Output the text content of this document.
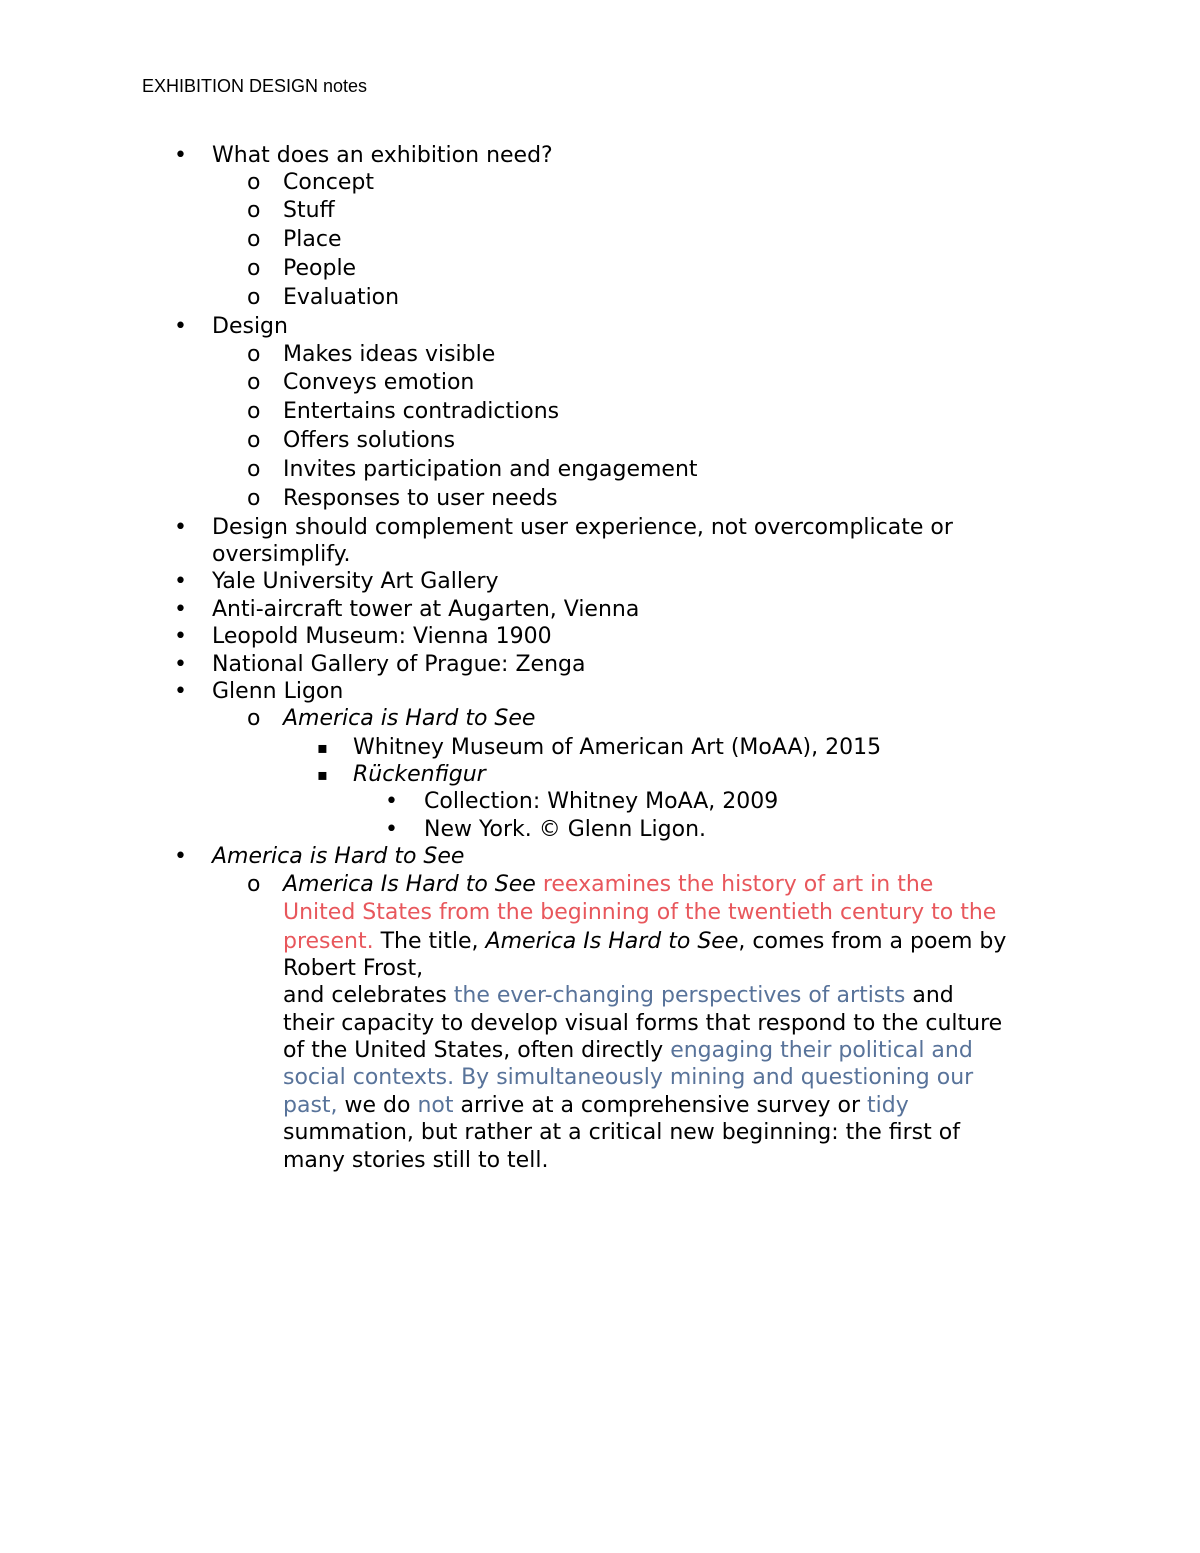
EXHIBITION DESIGN notes
• What does an exhibition need?
o Concept
o Stuff
o Place
o People
o Evaluation
• Design
o Makes ideas visible
o Conveys emotion
o Entertains contradictions
o Offers solutions
o Invites participation and engagement
o Responses to user needs
• Design should complement user experience, not overcomplicate or
oversimplify.
• Yale University Art Gallery
• Anti-aircraft tower at Augarten, Vienna
• Leopold Museum: Vienna 1900
• National Gallery of Prague: Zenga
• Glenn Ligon
o America is Hard to See
▪ Whitney Museum of American Art (MoAA), 2015
▪ Rückenfigur
• Collection: Whitney MoAA, 2009
• New York. © Glenn Ligon.
• America is Hard to See
o America Is Hard to See reexamines the history of art in the
United States from the beginning of the twentieth century to the
present. The title, America Is Hard to See, comes from a poem by
Robert Frost,
and celebrates the ever-changing perspectives of artists and
their capacity to develop visual forms that respond to the culture
of the United States, often directly engaging their political and
social contexts. By simultaneously mining and questioning our
past, we do not arrive at a comprehensive survey or tidy
summation, but rather at a critical new beginning: the first of
many stories still to tell.
